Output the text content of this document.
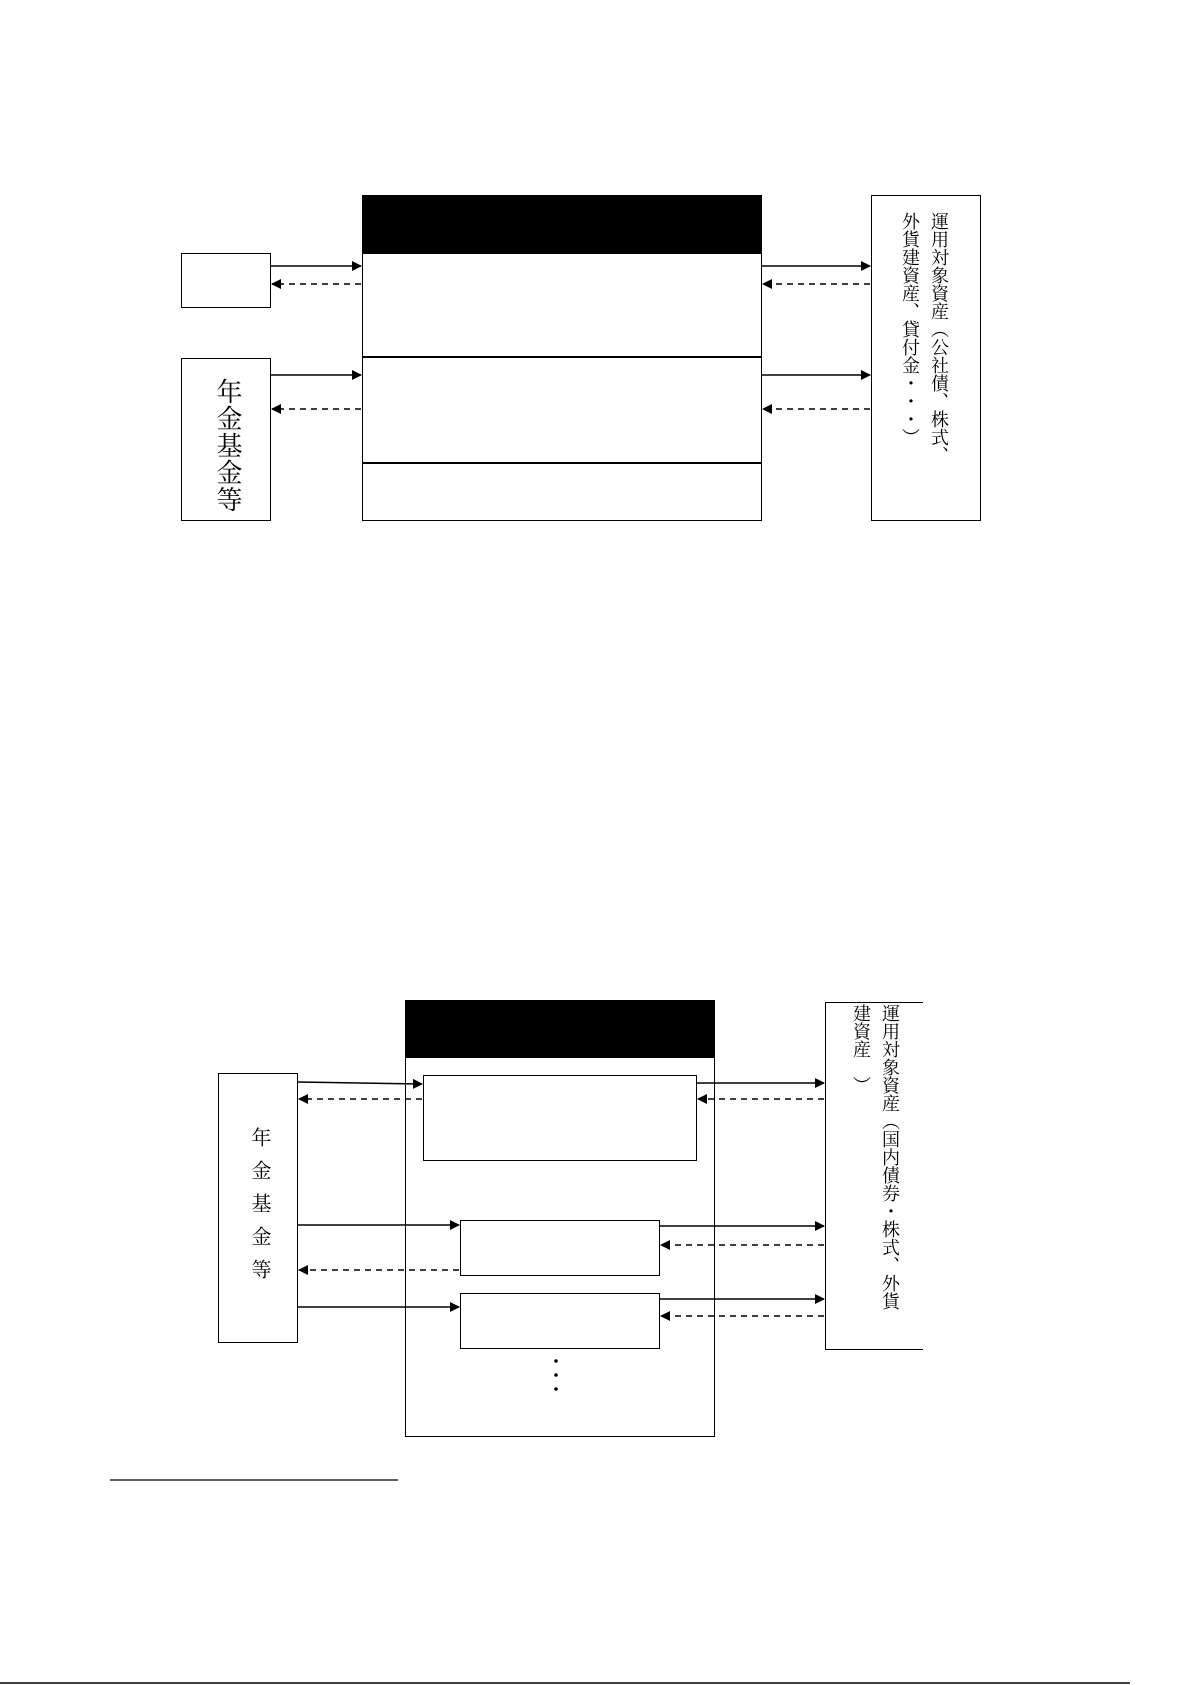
年金基金等	運用対象資産（公社債、株式、
外貨建資産、貸付金・・・）
年金基金等
・
・
・
運用対象資産（国内債券・株式、外貨
建資産　）
